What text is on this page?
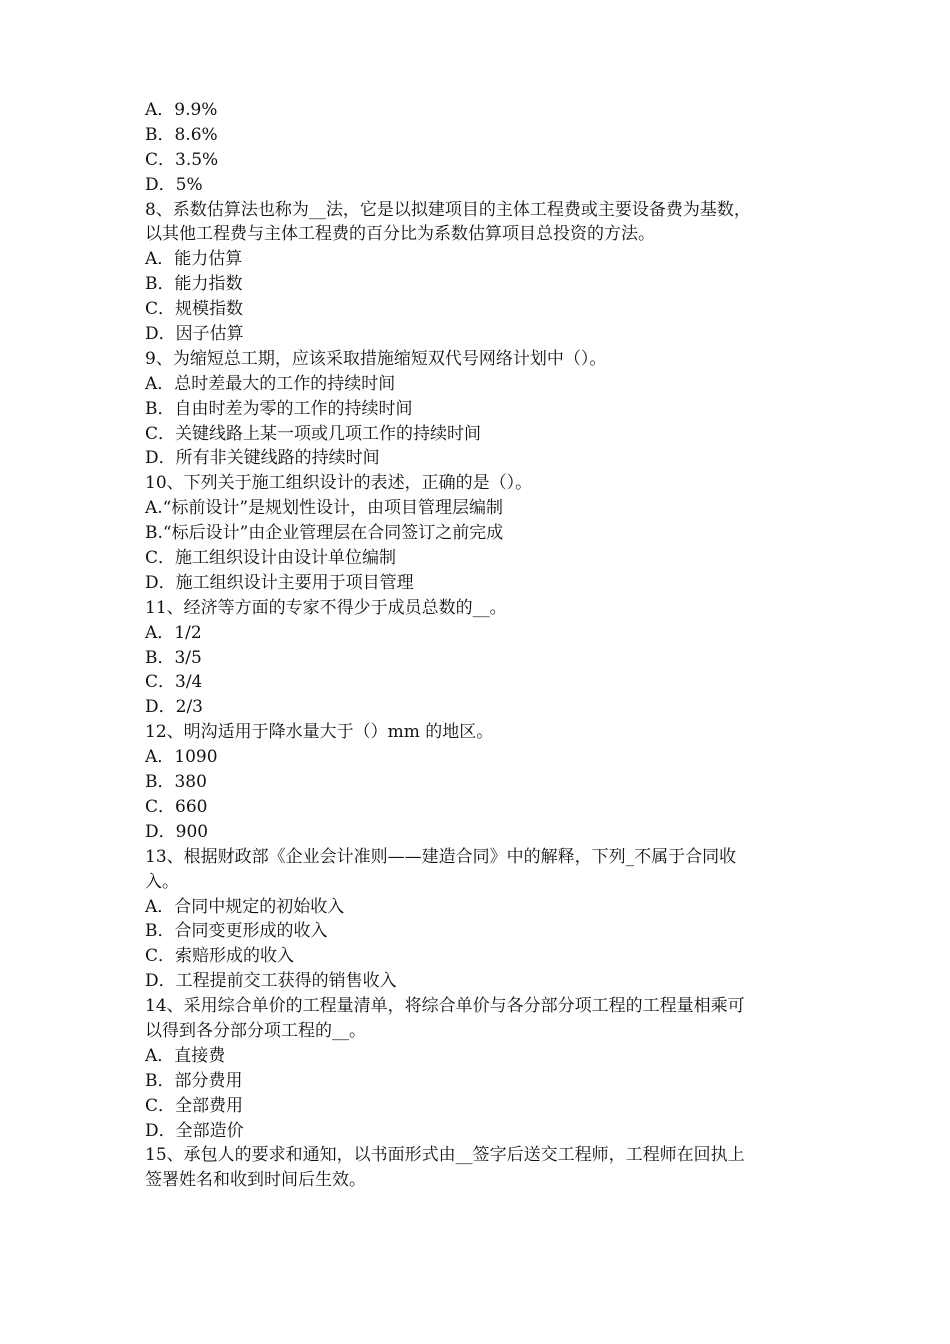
A．9.9%
B．8.6%
C．3.5%
D．5%
8、系数估算法也称为__法，它是以拟建项目的主体工程费或主要设备费为基数，
以其他工程费与主体工程费的百分比为系数估算项目总投资的方法。
A．能力估算
B．能力指数
C．规模指数
D．因子估算
9、为缩短总工期，应该采取措施缩短双代号网络计划中（）。
A．总时差最大的工作的持续时间
B．自由时差为零的工作的持续时间
C．关键线路上某一项或几项工作的持续时间
D．所有非关键线路的持续时间
10、下列关于施工组织设计的表述，正确的是（）。
A.“标前设计”是规划性设计，由项目管理层编制
B.“标后设计”由企业管理层在合同签订之前完成
C．施工组织设计由设计单位编制
D．施工组织设计主要用于项目管理
11、经济等方面的专家不得少于成员总数的__。
A．1/2
B．3/5
C．3/4
D．2/3
12、明沟适用于降水量大于（）mm 的地区。
A．1090
B．380
C．660
D．900
13、根据财政部《企业会计准则——建造合同》中的解释，下列_不属于合同收
入。
A．合同中规定的初始收入
B．合同变更形成的收入
C．索赔形成的收入
D．工程提前交工获得的销售收入
14、采用综合单价的工程量清单，将综合单价与各分部分项工程的工程量相乘可
以得到各分部分项工程的__。
A．直接费
B．部分费用
C．全部费用
D．全部造价
15、承包人的要求和通知，以书面形式由__签字后送交工程师，工程师在回执上
签署姓名和收到时间后生效。
